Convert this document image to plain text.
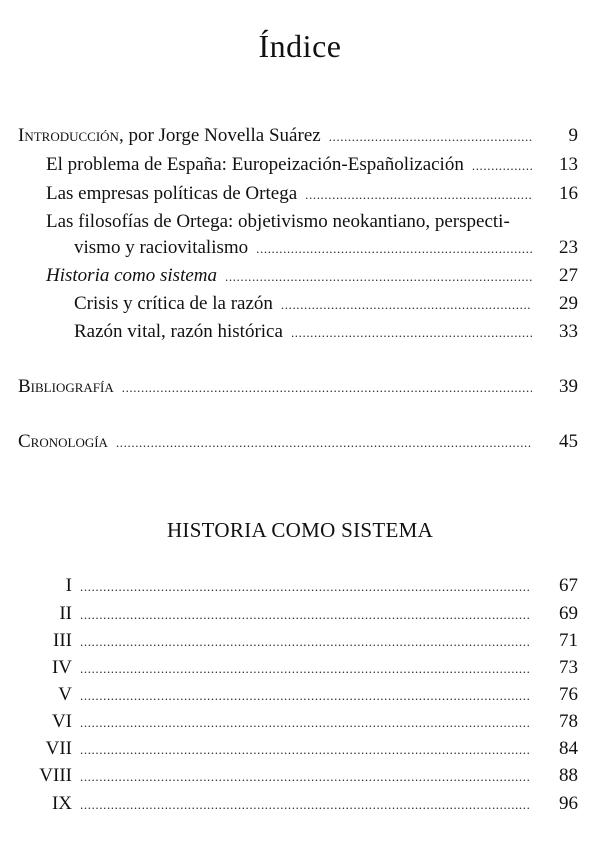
Índice
Introducción, por Jorge Novella Suárez .....	9
El problema de España: Europeización-Españolización .....	13
Las empresas políticas de Ortega .....	16
Las filosofías de Ortega: objetivismo neokantiano, perspecti-
vismo y raciovitalismo .....	23
Historia como sistema .....	27
Crisis y crítica de la razón .....	29
Razón vital, razón histórica .....	33
Bibliografía .....	39
Cronología .....	45
HISTORIA COMO SISTEMA
I .....	67
II .....	69
III .....	71
IV .....	73
V .....	76
VI .....	78
VII .....	84
VIII .....	88
IX .....	96
